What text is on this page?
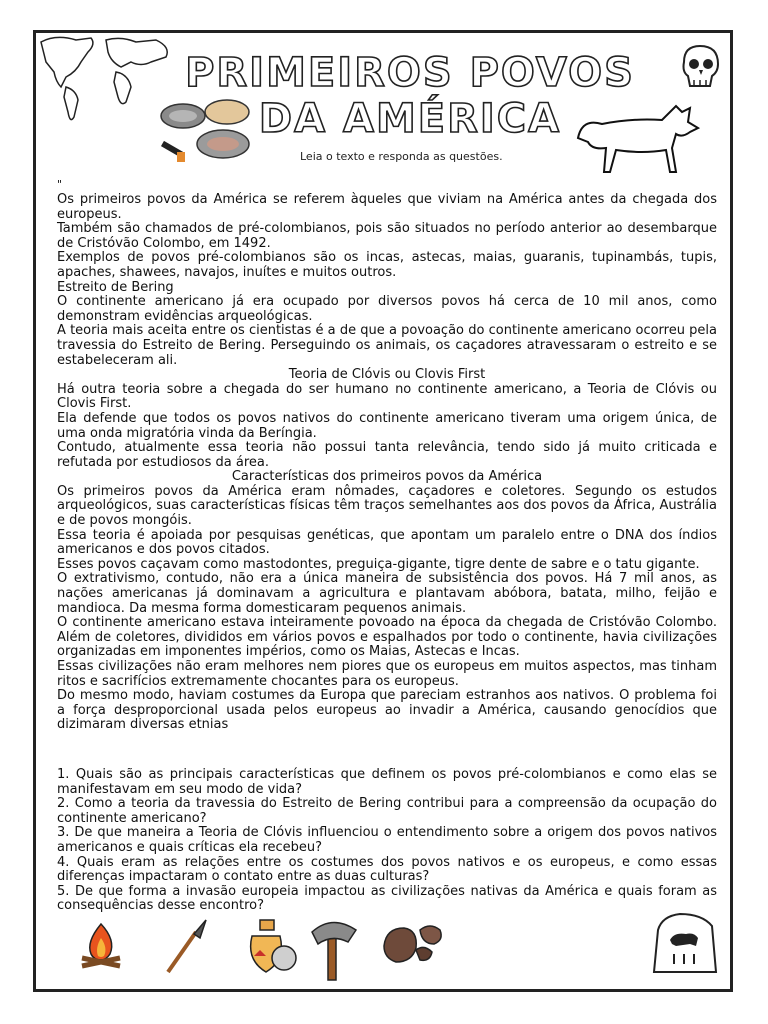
PRIMEIROS POVOS
DA AMÉRICA
Leia o texto e responda as questões.
"

Os primeiros povos da América se referem àqueles que viviam na América antes da chegada dos europeus.

Também são chamados de pré-colombianos, pois são situados no período anterior ao desembarque de Cristóvão Colombo, em 1492.

Exemplos de povos pré-colombianos são os incas, astecas, maias, guaranis, tupinambás, tupis, apaches, shawees, navajos, inuítes e muitos outros.

Estreito de Bering

O continente americano já era ocupado por diversos povos há cerca de 10 mil anos, como demonstram evidências arqueológicas.

A teoria mais aceita entre os cientistas é a de que a povoação do continente americano ocorreu pela travessia do Estreito de Bering. Perseguindo os animais, os caçadores atravessaram o estreito e se estabeleceram ali.

Teoria de Clóvis ou Clovis First

Há outra teoria sobre a chegada do ser humano no continente americano, a Teoria de Clóvis ou Clovis First.

Ela defende que todos os povos nativos do continente americano tiveram uma origem única, de uma onda migratória vinda da Beríngia.

Contudo, atualmente essa teoria não possui tanta relevância, tendo sido já muito criticada e refutada por estudiosos da área.

Características dos primeiros povos da América

Os primeiros povos da América eram nômades, caçadores e coletores. Segundo os estudos arqueológicos, suas características físicas têm traços semelhantes aos dos povos da África, Austrália e de povos mongóis.

Essa teoria é apoiada por pesquisas genéticas, que apontam um paralelo entre o DNA dos índios americanos e dos povos citados.

Esses povos caçavam como mastodontes, preguiça-gigante, tigre dente de sabre e o tatu gigante.

O extrativismo, contudo, não era a única maneira de subsistência dos povos. Há 7 mil anos, as nações americanas já dominavam a agricultura e plantavam abóbora, batata, milho, feijão e mandioca. Da mesma forma domesticaram pequenos animais.

O continente americano estava inteiramente povoado na época da chegada de Cristóvão Colombo. Além de coletores, divididos em vários povos e espalhados por todo o continente, havia civilizações organizadas em imponentes impérios, como os Maias, Astecas e Incas.

Essas civilizações não eram melhores nem piores que os europeus em muitos aspectos, mas tinham ritos e sacrifícios extremamente chocantes para os europeus.

Do mesmo modo, haviam costumes da Europa que pareciam estranhos aos nativos. O problema foi a força desproporcional usada pelos europeus ao invadir a América, causando genocídios que dizimaram diversas etnias

1. Quais são as principais características que definem os povos pré-colombianos e como elas se manifestavam em seu modo de vida?

2. Como a teoria da travessia do Estreito de Bering contribui para a compreensão da ocupação do continente americano?

3. De que maneira a Teoria de Clóvis influenciou o entendimento sobre a origem dos povos nativos americanos e quais críticas ela recebeu?

4. Quais eram as relações entre os costumes dos povos nativos e os europeus, e como essas diferenças impactaram o contato entre as duas culturas?

5. De que forma a invasão europeia impactou as civilizações nativas da América e quais foram as consequências desse encontro?
